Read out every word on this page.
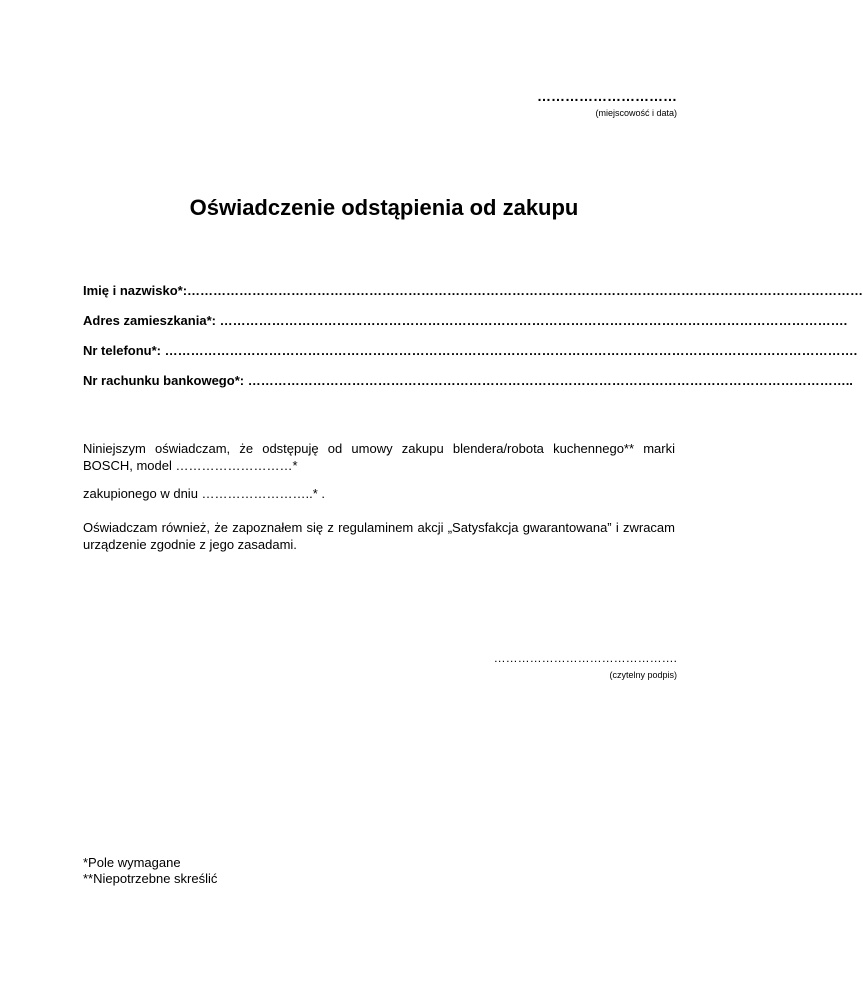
…………………………
(miejscowość i data)
Oświadczenie odstąpienia od zakupu
Imię i nazwisko*:…………………………………………………………………………………………………………………………………………
Adres zamieszkania*: ……………………………………………………………………………………………………………………………….
Nr telefonu*: …………………………………………………………………………………………………………………………………………….
Nr rachunku bankowego*: …………………………………………………………………………………………………………………………..
Niniejszym oświadczam, że odstępuję od umowy zakupu blendera/robota kuchennego** marki BOSCH, model ………………………*
zakupionego w dniu ……………………..* .
Oświadczam również, że zapoznałem się z regulaminem akcji „Satysfakcja gwarantowana” i zwracam urządzenie zgodnie z jego zasadami.
……………………………………….
(czytelny podpis)
*Pole wymagane
**Niepotrzebne skreślić
